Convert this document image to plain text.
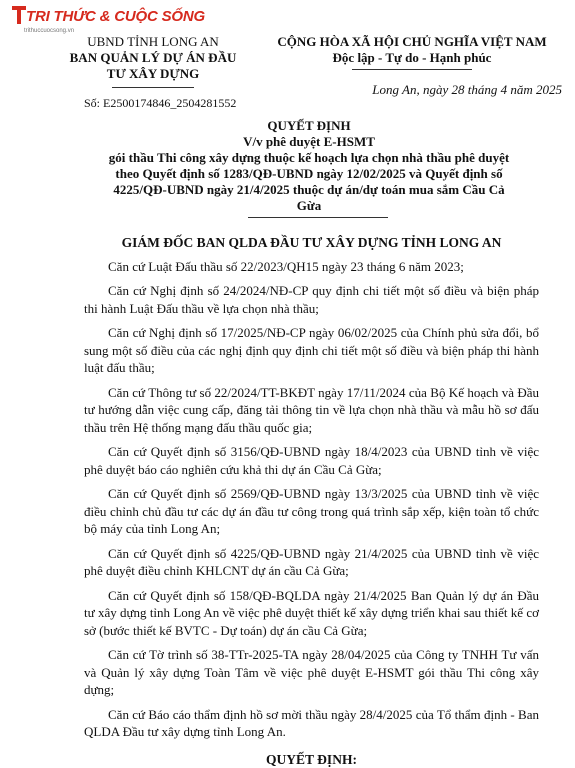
TRI THỨC & CUỘC SỐNG
trithuccuocsong.vn
UBND TỈNH LONG AN
BAN QUẢN LÝ DỰ ÁN ĐẦU
TƯ XÂY DỰNG
CỘNG HÒA XÃ HỘI CHỦ NGHĨA VIỆT NAM
Độc lập - Tự do - Hạnh phúc
Long An, ngày 28 tháng 4 năm 2025
Số: E2500174846_2504281552
QUYẾT ĐỊNH
V/v phê duyệt E-HSMT
gói thầu Thi công xây dựng thuộc kế hoạch lựa chọn nhà thầu phê duyệt
theo Quyết định số 1283/QĐ-UBND ngày 12/02/2025 và Quyết định số
4225/QĐ-UBND ngày 21/4/2025 thuộc dự án/dự toán mua sắm Cầu Cả
Gừa
GIÁM ĐỐC BAN QLDA ĐẦU TƯ XÂY DỰNG TỈNH LONG AN

Căn cứ Luật Đấu thầu số 22/2023/QH15 ngày 23 tháng 6 năm 2023;

Căn cứ Nghị định số 24/2024/NĐ-CP quy định chi tiết một số điều và biện pháp thi hành Luật Đấu thầu về lựa chọn nhà thầu;

Căn cứ Nghị định số 17/2025/NĐ-CP ngày 06/02/2025 của Chính phủ sửa đổi, bổ sung một số điều của các nghị định quy định chi tiết một số điều và biện pháp thi hành luật đấu thầu;

Căn cứ Thông tư số 22/2024/TT-BKĐT ngày 17/11/2024 của Bộ Kế hoạch và Đầu tư hướng dẫn việc cung cấp, đăng tải thông tin về lựa chọn nhà thầu và mẫu hồ sơ đấu thầu trên Hệ thống mạng đấu thầu quốc gia;

Căn cứ Quyết định số 3156/QĐ-UBND ngày 18/4/2023 của UBND tỉnh về việc phê duyệt báo cáo nghiên cứu khả thi dự án Cầu Cả Gừa;

Căn cứ Quyết định số 2569/QĐ-UBND ngày 13/3/2025 của UBND tỉnh về việc điều chỉnh chủ đầu tư các dự án đầu tư công trong quá trình sắp xếp, kiện toàn tổ chức bộ máy của tỉnh Long An;

Căn cứ Quyết định số 4225/QĐ-UBND ngày 21/4/2025 của UBND tỉnh về việc phê duyệt điều chỉnh KHLCNT dự án cầu Cả Gừa;

Căn cứ Quyết định số 158/QĐ-BQLDA ngày 21/4/2025 Ban Quản lý dự án Đầu tư xây dựng tỉnh Long An về việc phê duyệt thiết kế xây dựng triển khai sau thiết kế cơ sở (bước thiết kế BVTC - Dự toán) dự án cầu Cả Gừa;

Căn cứ Tờ trình số 38-TTr-2025-TA ngày 28/04/2025 của Công ty TNHH Tư vấn và Quản lý xây dựng Toàn Tâm về việc phê duyệt E-HSMT gói thầu Thi công xây dựng;

Căn cứ Báo cáo thẩm định hồ sơ mời thầu ngày 28/4/2025 của Tổ thẩm định - Ban QLDA Đầu tư xây dựng tỉnh Long An.

QUYẾT ĐỊNH:
